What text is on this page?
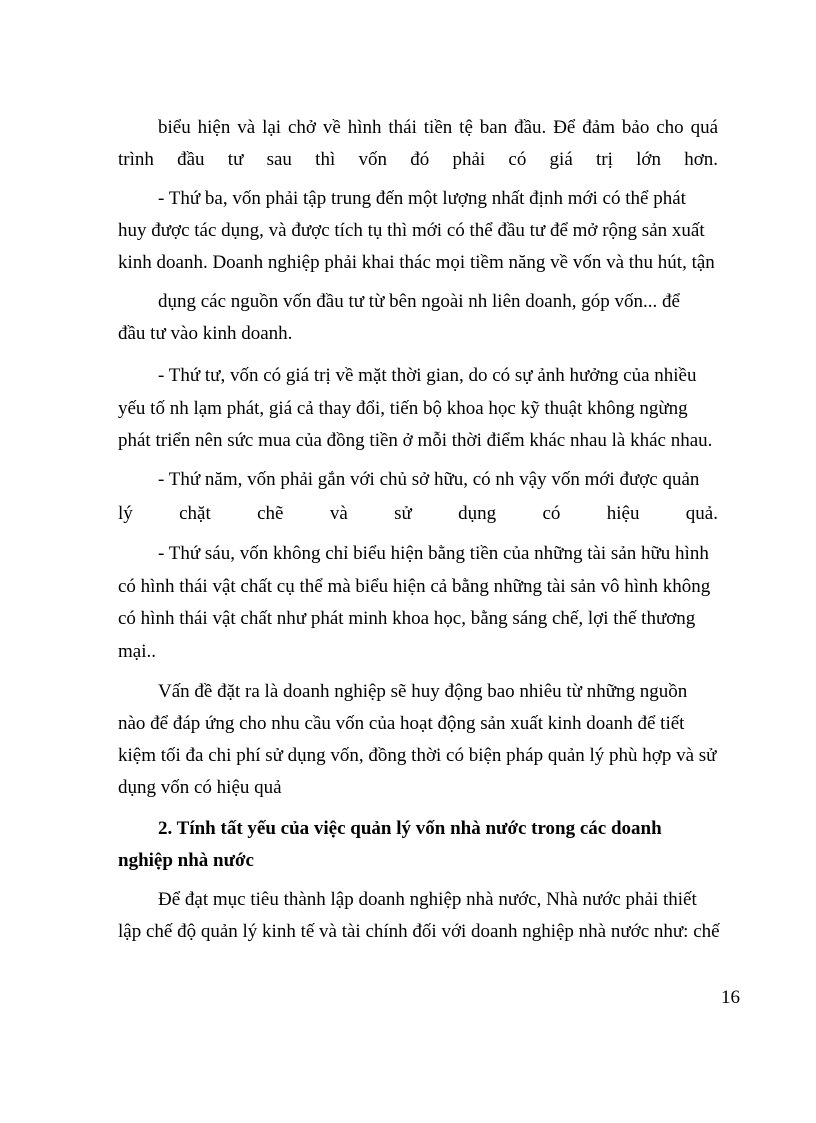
biểu hiện và lại chở về hình thái tiền tệ ban đầu. Để đảm bảo cho quá
trình đầu tư sau thì vốn đó phải có giá trị lớn hơn.
- Thứ ba, vốn phải tập trung đến một lượng nhất định mới có thể phát
huy được tác dụng, và được tích tụ thì mới có thể đầu tư để mở rộng sản xuất
kinh doanh. Doanh nghiệp phải khai thác mọi tiềm năng về vốn và thu hút, tận
dụng các nguồn vốn đầu tư từ bên ngoài nh liên doanh, góp vốn... để
đầu tư vào kinh doanh.
- Thứ tư, vốn có giá trị về mặt thời gian, do có sự ảnh hưởng của nhiều
yếu tố nh lạm phát, giá cả thay đổi, tiến bộ khoa học kỹ thuật không ngừng
phát triển nên sức mua của đồng tiền ở mỗi thời điểm khác nhau là khác nhau.
- Thứ năm, vốn phải gắn với chủ sở hữu, có nh vậy vốn mới được quản
lý chặt chẽ và sử dụng có hiệu quả.
- Thứ sáu, vốn không chỉ biểu hiện bằng tiền của những tài sản hữu hình
có hình thái vật chất cụ thể mà biểu hiện cả bằng những tài sản vô hình không
có hình thái vật chất như phát minh khoa học, bằng sáng chế, lợi thế thương
mại..
Vấn đề đặt ra là doanh nghiệp sẽ huy động bao nhiêu từ những nguồn
nào để đáp ứng cho nhu cầu vốn của hoạt động sản xuất kinh doanh để tiết
kiệm tối đa chi phí sử dụng vốn, đồng thời có biện pháp quản lý phù hợp và sử
dụng vốn có hiệu quả
2. Tính tất yếu của việc quản lý vốn nhà nước trong các doanh
nghiệp nhà nước
Để đạt mục tiêu thành lập doanh nghiệp nhà nước, Nhà nước phải thiết
lập chế độ quản lý kinh tế và tài chính đối với doanh nghiệp nhà nước như: chế
16
